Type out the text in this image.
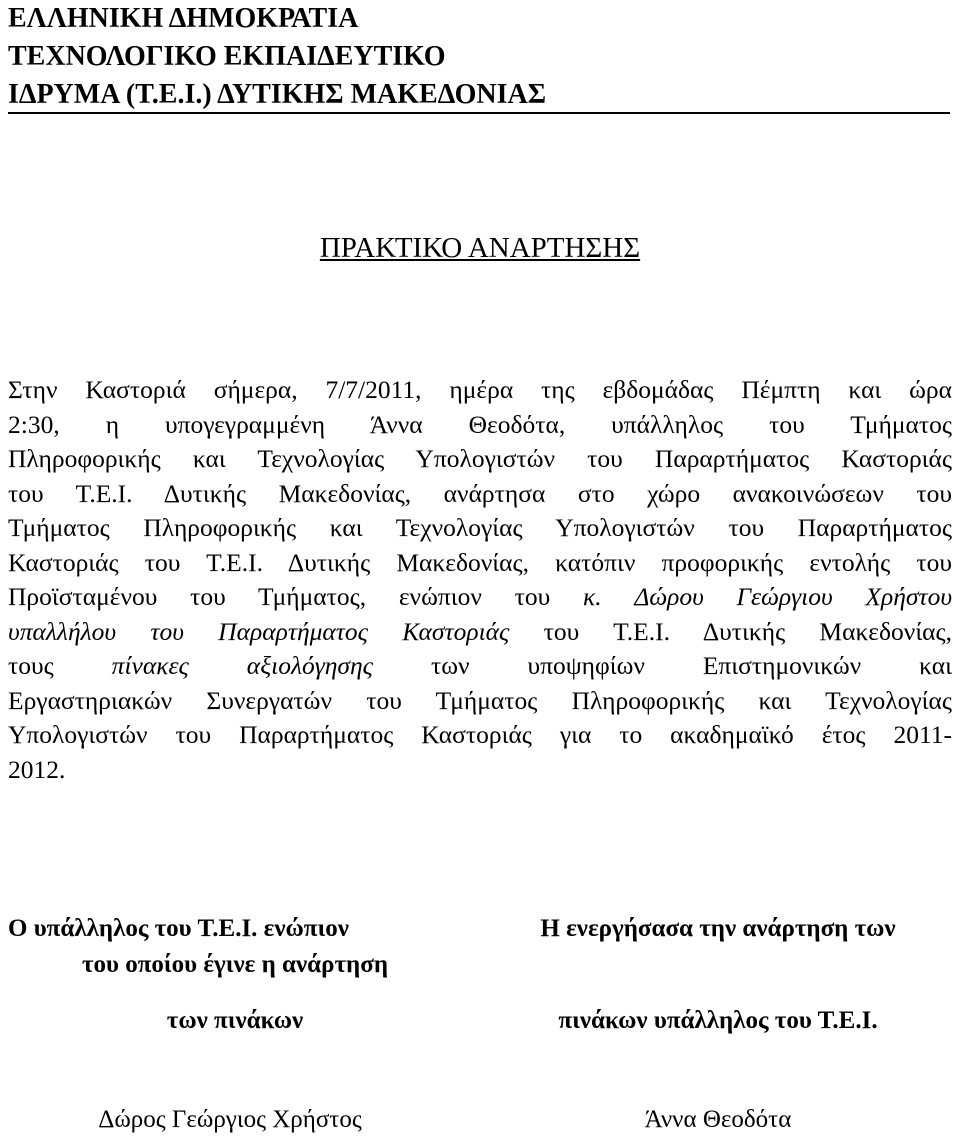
ΕΛΛΗΝΙΚΗ ΔΗΜΟΚΡΑΤΙΑ
ΤΕΧΝΟΛΟΓΙΚΟ ΕΚΠΑΙΔΕΥΤΙΚΟ
ΙΔΡΥΜΑ (Τ.Ε.Ι.) ΔΥΤΙΚΗΣ ΜΑΚΕΔΟΝΙΑΣ
ΠΡΑΚΤΙΚΟ ΑΝΑΡΤΗΣΗΣ
Στην Καστοριά σήμερα, 7/7/2011, ημέρα της εβδομάδας Πέμπτη και ώρα
2:30, η υπογεγραμμένη Άννα Θεοδότα, υπάλληλος του Τμήματος
Πληροφορικής και Τεχνολογίας Υπολογιστών του Παραρτήματος Καστοριάς
του Τ.Ε.Ι. Δυτικής Μακεδονίας, ανάρτησα στο χώρο ανακοινώσεων του
Τμήματος Πληροφορικής και Τεχνολογίας Υπολογιστών του Παραρτήματος
Καστοριάς του Τ.Ε.Ι. Δυτικής Μακεδονίας, κατόπιν προφορικής εντολής του
Προϊσταμένου του Τμήματος, ενώπιον του κ. Δώρου Γεώργιου Χρήστου
υπαλλήλου του Παραρτήματος Καστοριάς του Τ.Ε.Ι. Δυτικής Μακεδονίας,
τους πίνακες αξιολόγησης των υποψηφίων Επιστημονικών και
Εργαστηριακών Συνεργατών του Τμήματος Πληροφορικής και Τεχνολογίας
Υπολογιστών του Παραρτήματος Καστοριάς για το ακαδημαϊκό έτος 2011-
2012.
Ο υπάλληλος του Τ.Ε.Ι. ενώπιον
του οποίου έγινε η ανάρτηση
των πινάκων
Η ενεργήσασα την ανάρτηση των
πινάκων υπάλληλος του Τ.Ε.Ι.
Δώρος Γεώργιος Χρήστος	Άννα Θεοδότα
